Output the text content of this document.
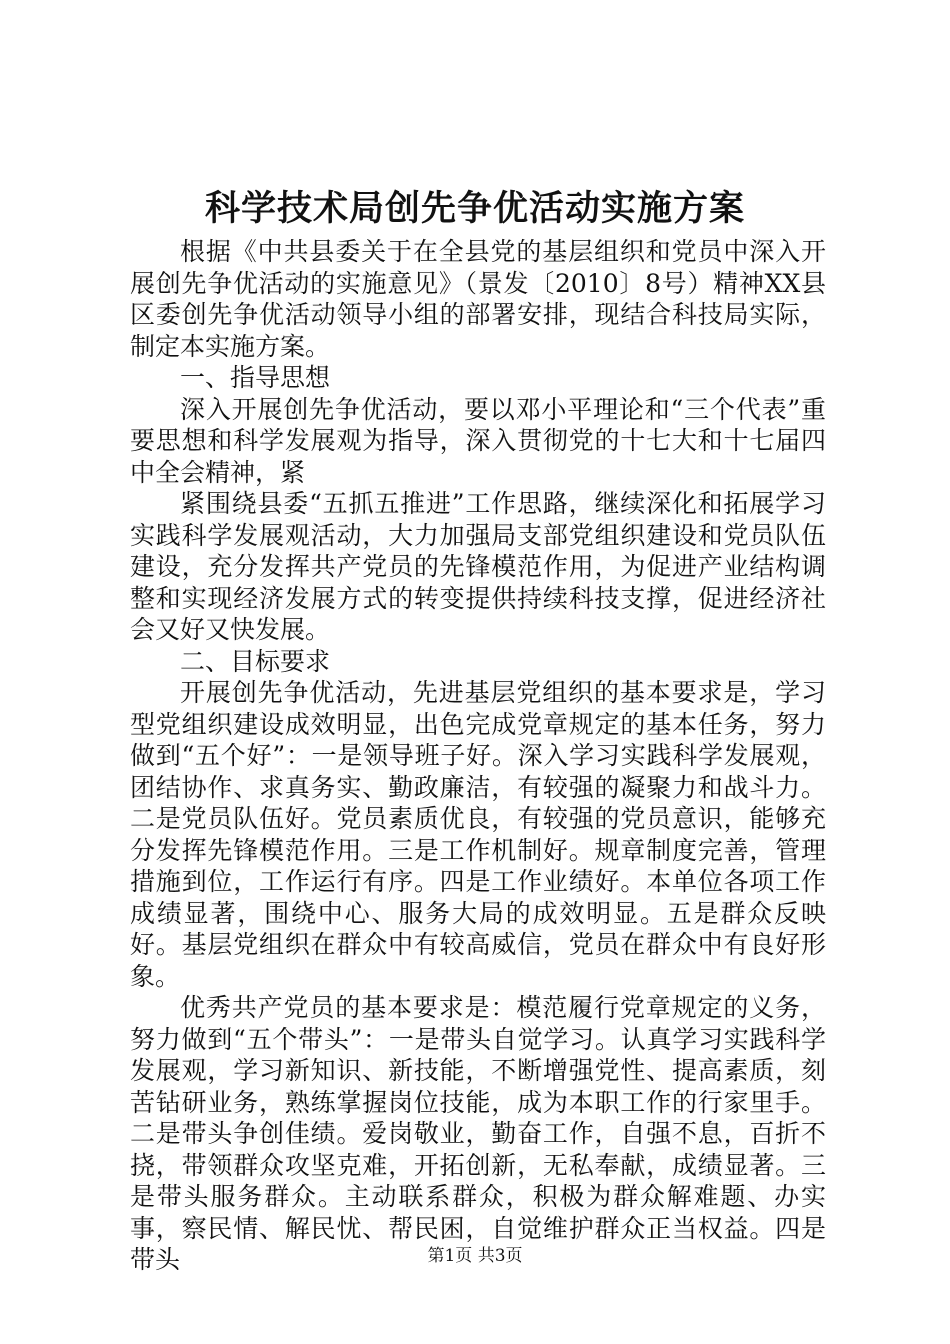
科学技术局创先争优活动实施方案

根据《中共县委关于在全县党的基层组织和党员中深入开展创先争优活动的实施意见》（景发〔2010〕8号）精神XX县区委创先争优活动领导小组的部署安排，现结合科技局实际，制定本实施方案。

一、指导思想

深入开展创先争优活动，要以邓小平理论和“三个代表”重要思想和科学发展观为指导，深入贯彻党的十七大和十七届四中全会精神，紧

紧围绕县委“五抓五推进”工作思路，继续深化和拓展学习实践科学发展观活动，大力加强局支部党组织建设和党员队伍建设，充分发挥共产党员的先锋模范作用，为促进产业结构调整和实现经济发展方式的转变提供持续科技支撑，促进经济社会又好又快发展。

二、目标要求

开展创先争优活动，先进基层党组织的基本要求是，学习型党组织建设成效明显，出色完成党章规定的基本任务，努力做到“五个好”：一是领导班子好。深入学习实践科学发展观，团结协作、求真务实、勤政廉洁，有较强的凝聚力和战斗力。二是党员队伍好。党员素质优良，有较强的党员意识，能够充分发挥先锋模范作用。三是工作机制好。规章制度完善，管理措施到位，工作运行有序。四是工作业绩好。本单位各项工作成绩显著，围绕中心、服务大局的成效明显。五是群众反映好。基层党组织在群众中有较高威信，党员在群众中有良好形象。

优秀共产党员的基本要求是：模范履行党章规定的义务，努力做到“五个带头”：一是带头自觉学习。认真学习实践科学发展观，学习新知识、新技能，不断增强党性、提高素质，刻苦钻研业务，熟练掌握岗位技能，成为本职工作的行家里手。二是带头争创佳绩。爱岗敬业，勤奋工作，自强不息，百折不挠，带领群众攻坚克难，开拓创新，无私奉献，成绩显著。三是带头服务群众。主动联系群众，积极为群众解难题、办实事，察民情、解民忧、帮民困，自觉维护群众正当权益。四是带头	第1页 共3页
